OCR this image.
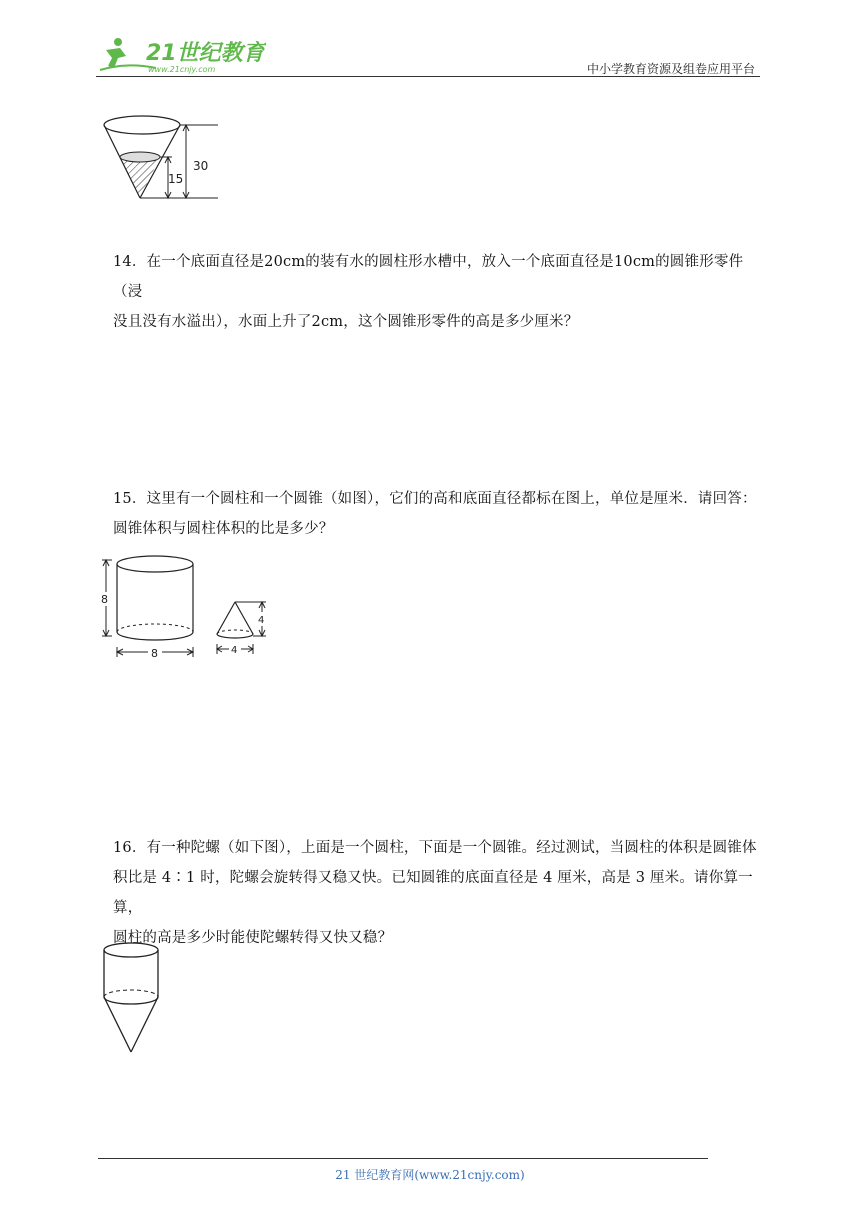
21世纪教育
www.21cnjy.com	中小学教育资源及组卷应用平台
30
15
14．在一个底面直径是20cm的装有水的圆柱形水槽中，放入一个底面直径是10cm的圆锥形零件（浸
没且没有水溢出），水面上升了2cm，这个圆锥形零件的高是多少厘米？
15．这里有一个圆柱和一个圆锥（如图），它们的高和底面直径都标在图上，单位是厘米．请回答：
圆锥体积与圆柱体积的比是多少？
8
8
4
4
16．有一种陀螺（如下图），上面是一个圆柱，下面是一个圆锥。经过测试，当圆柱的体积是圆锥体
积比是 4∶1 时，陀螺会旋转得又稳又快。已知圆锥的底面直径是 4 厘米，高是 3 厘米。请你算一算，
圆柱的高是多少时能使陀螺转得又快又稳？
21 世纪教育网(www.21cnjy.com)
